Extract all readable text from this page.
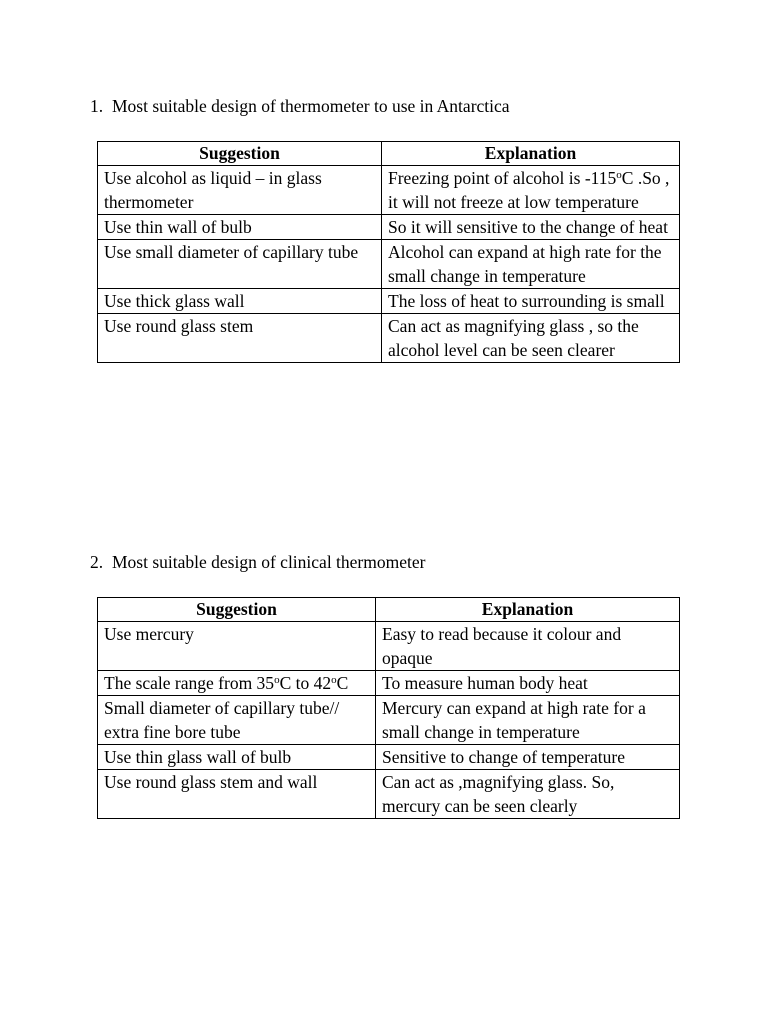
1. Most suitable design of thermometer to use in Antarctica
Suggestion	Explanation
Use alcohol as liquid – in glass thermometer	Freezing point of alcohol is -115$^o$C .So , it will not freeze at low temperature
Use thin wall of bulb	So it will sensitive to the change of heat
Use small diameter of capillary tube	Alcohol can expand at high rate for the small change in temperature
Use thick glass wall	The loss of heat to surrounding is small
Use round glass stem	Can act as magnifying glass , so the alcohol level can be seen clearer
2. Most suitable design of clinical thermometer
Suggestion	Explanation
Use mercury	Easy to read because it colour and opaque
The scale range from 35$^o$C to 42$^o$C	To measure human body heat
Small diameter of capillary tube// extra fine bore tube	Mercury can expand at high rate for a small change in temperature
Use thin glass wall of bulb	Sensitive to change of temperature
Use round glass stem and wall	Can act as ,magnifying glass. So, mercury can be seen clearly
